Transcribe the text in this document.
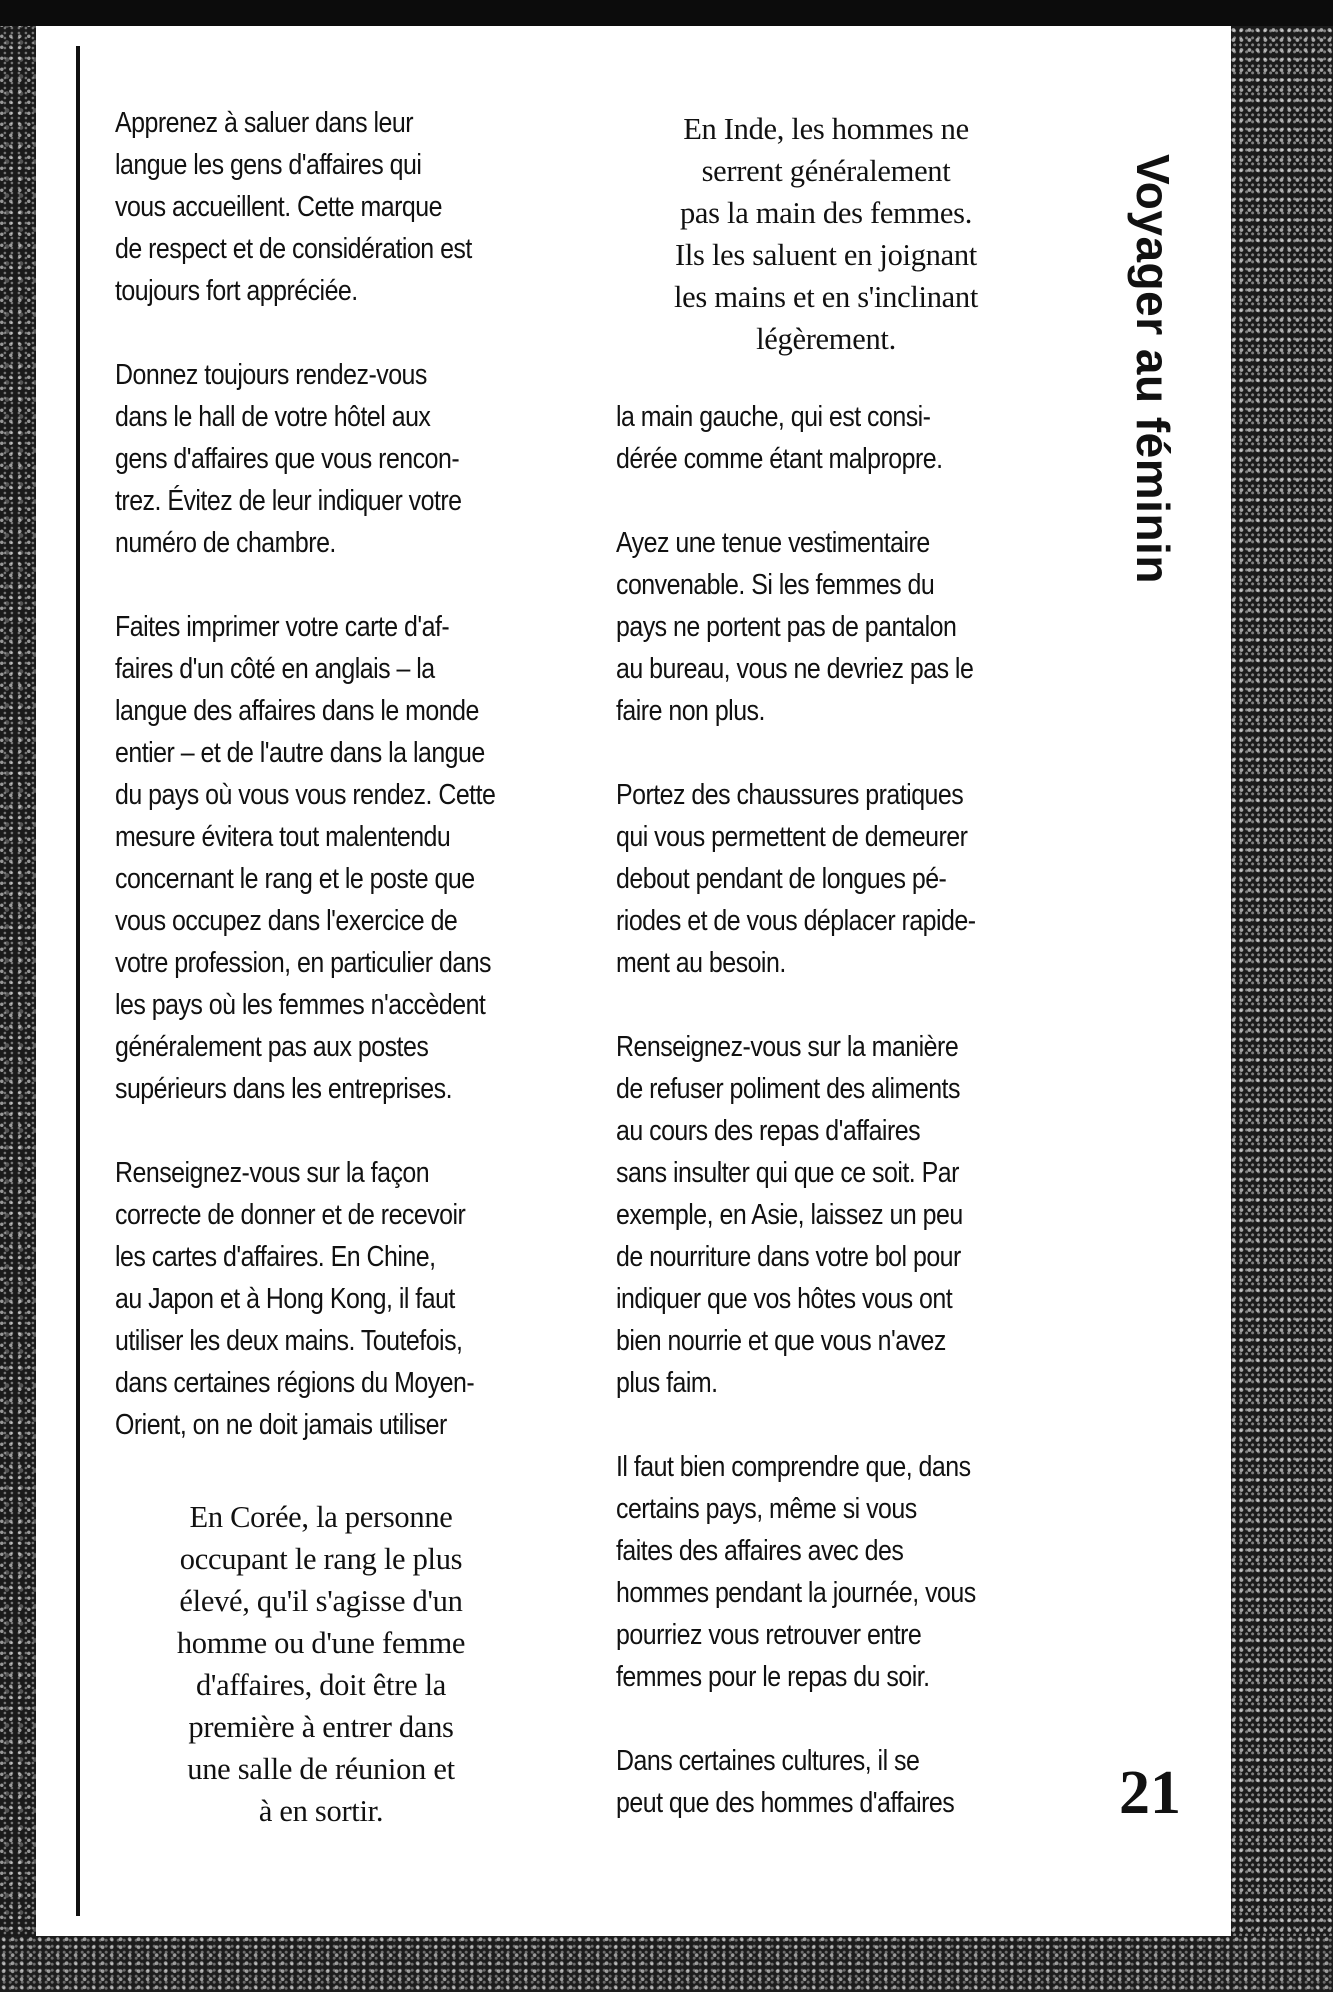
Apprenez à saluer dans leur
langue les gens d'affaires qui
vous accueillent. Cette marque
de respect et de considération est
toujours fort appréciée.

Donnez toujours rendez-vous
dans le hall de votre hôtel aux
gens d'affaires que vous rencon-
trez. Évitez de leur indiquer votre
numéro de chambre.

Faites imprimer votre carte d'af-
faires d'un côté en anglais – la
langue des affaires dans le monde
entier – et de l'autre dans la langue
du pays où vous vous rendez. Cette
mesure évitera tout malentendu
concernant le rang et le poste que
vous occupez dans l'exercice de
votre profession, en particulier dans
les pays où les femmes n'accèdent
généralement pas aux postes
supérieurs dans les entreprises.

Renseignez-vous sur la façon
correcte de donner et de recevoir
les cartes d'affaires. En Chine,
au Japon et à Hong Kong, il faut
utiliser les deux mains. Toutefois,
dans certaines régions du Moyen-
Orient, on ne doit jamais utiliser

En Corée, la personne
occupant le rang le plus
élevé, qu'il s'agisse d'un
homme ou d'une femme
d'affaires, doit être la
première à entrer dans
une salle de réunion et
à en sortir.
En Inde, les hommes ne
serrent généralement
pas la main des femmes.
Ils les saluent en joignant
les mains et en s'inclinant
légèrement.

la main gauche, qui est consi-
dérée comme étant malpropre.

Ayez une tenue vestimentaire
convenable. Si les femmes du
pays ne portent pas de pantalon
au bureau, vous ne devriez pas le
faire non plus.

Portez des chaussures pratiques
qui vous permettent de demeurer
debout pendant de longues pé-
riodes et de vous déplacer rapide-
ment au besoin.

Renseignez-vous sur la manière
de refuser poliment des aliments
au cours des repas d'affaires
sans insulter qui que ce soit. Par
exemple, en Asie, laissez un peu
de nourriture dans votre bol pour
indiquer que vos hôtes vous ont
bien nourrie et que vous n'avez
plus faim.

Il faut bien comprendre que, dans
certains pays, même si vous
faites des affaires avec des
hommes pendant la journée, vous
pourriez vous retrouver entre
femmes pour le repas du soir.

Dans certaines cultures, il se
peut que des hommes d'affaires

Voyager au féminin
21
